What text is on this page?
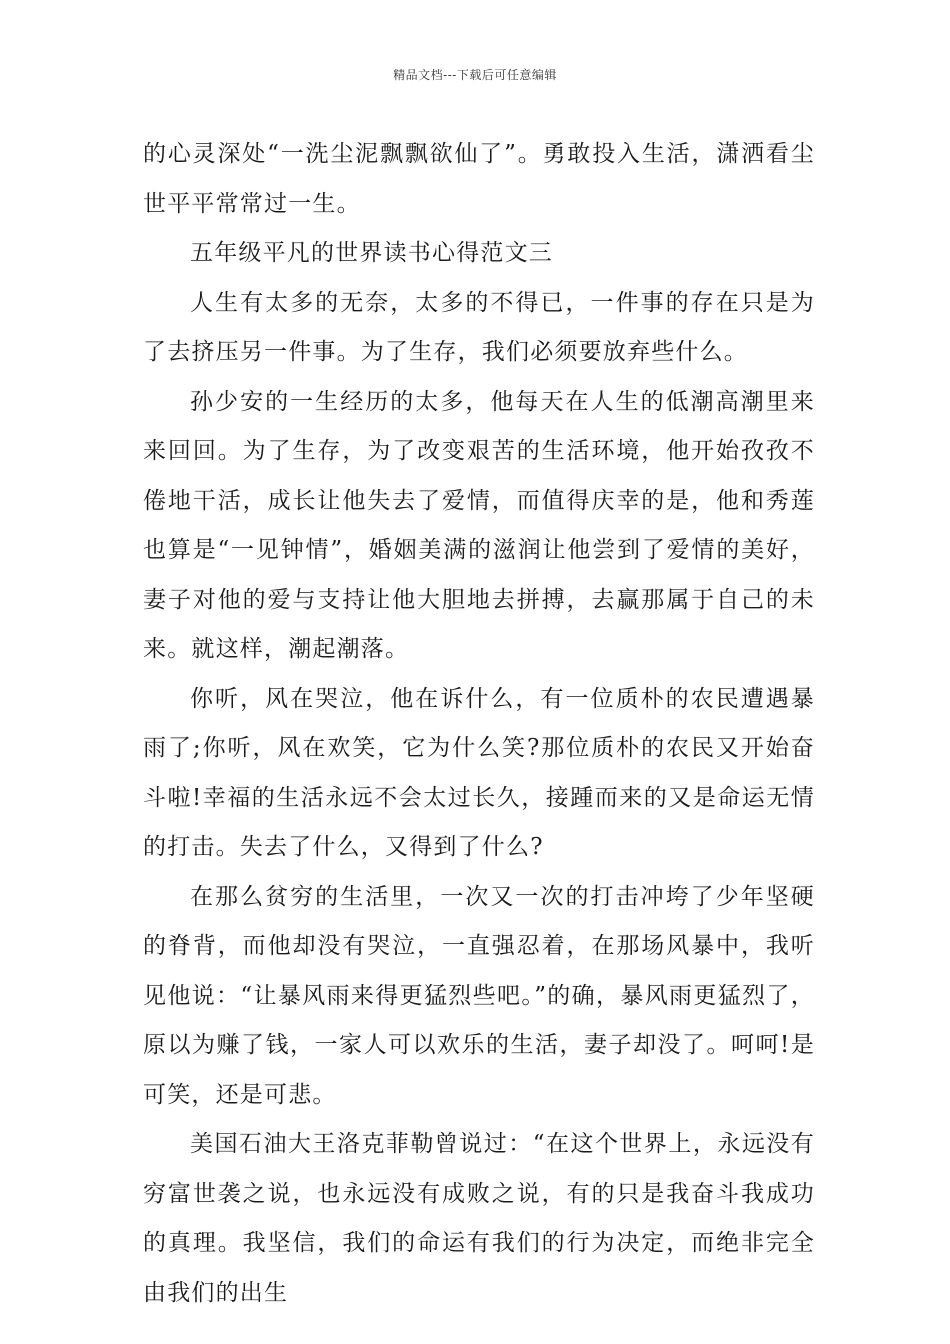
精品文档---下载后可任意编辑

的心灵深处“一洗尘泥飘飘欲仙了”。勇敢投入生活，潇洒看尘世平平常常过一生。

五年级平凡的世界读书心得范文三

人生有太多的无奈，太多的不得已，一件事的存在只是为了去挤压另一件事。为了生存，我们必须要放弃些什么。

孙少安的一生经历的太多，他每天在人生的低潮高潮里来来回回。为了生存，为了改变艰苦的生活环境，他开始孜孜不倦地干活，成长让他失去了爱情，而值得庆幸的是，他和秀莲也算是“一见钟情”，婚姻美满的滋润让他尝到了爱情的美好，妻子对他的爱与支持让他大胆地去拼搏，去赢那属于自己的未来。就这样，潮起潮落。

你听，风在哭泣，他在诉什么，有一位质朴的农民遭遇暴雨了;你听，风在欢笑，它为什么笑?那位质朴的农民又开始奋斗啦!幸福的生活永远不会太过长久，接踵而来的又是命运无情的打击。失去了什么，又得到了什么?

在那么贫穷的生活里，一次又一次的打击冲垮了少年坚硬的脊背，而他却没有哭泣，一直强忍着，在那场风暴中，我听见他说：“让暴风雨来得更猛烈些吧。”的确，暴风雨更猛烈了，原以为赚了钱，一家人可以欢乐的生活，妻子却没了。呵呵!是可笑，还是可悲。

美国石油大王洛克菲勒曾说过：“在这个世界上，永远没有穷富世袭之说，也永远没有成败之说，有的只是我奋斗我成功的真理。我坚信，我们的命运有我们的行为决定，而绝非完全由我们的出生
